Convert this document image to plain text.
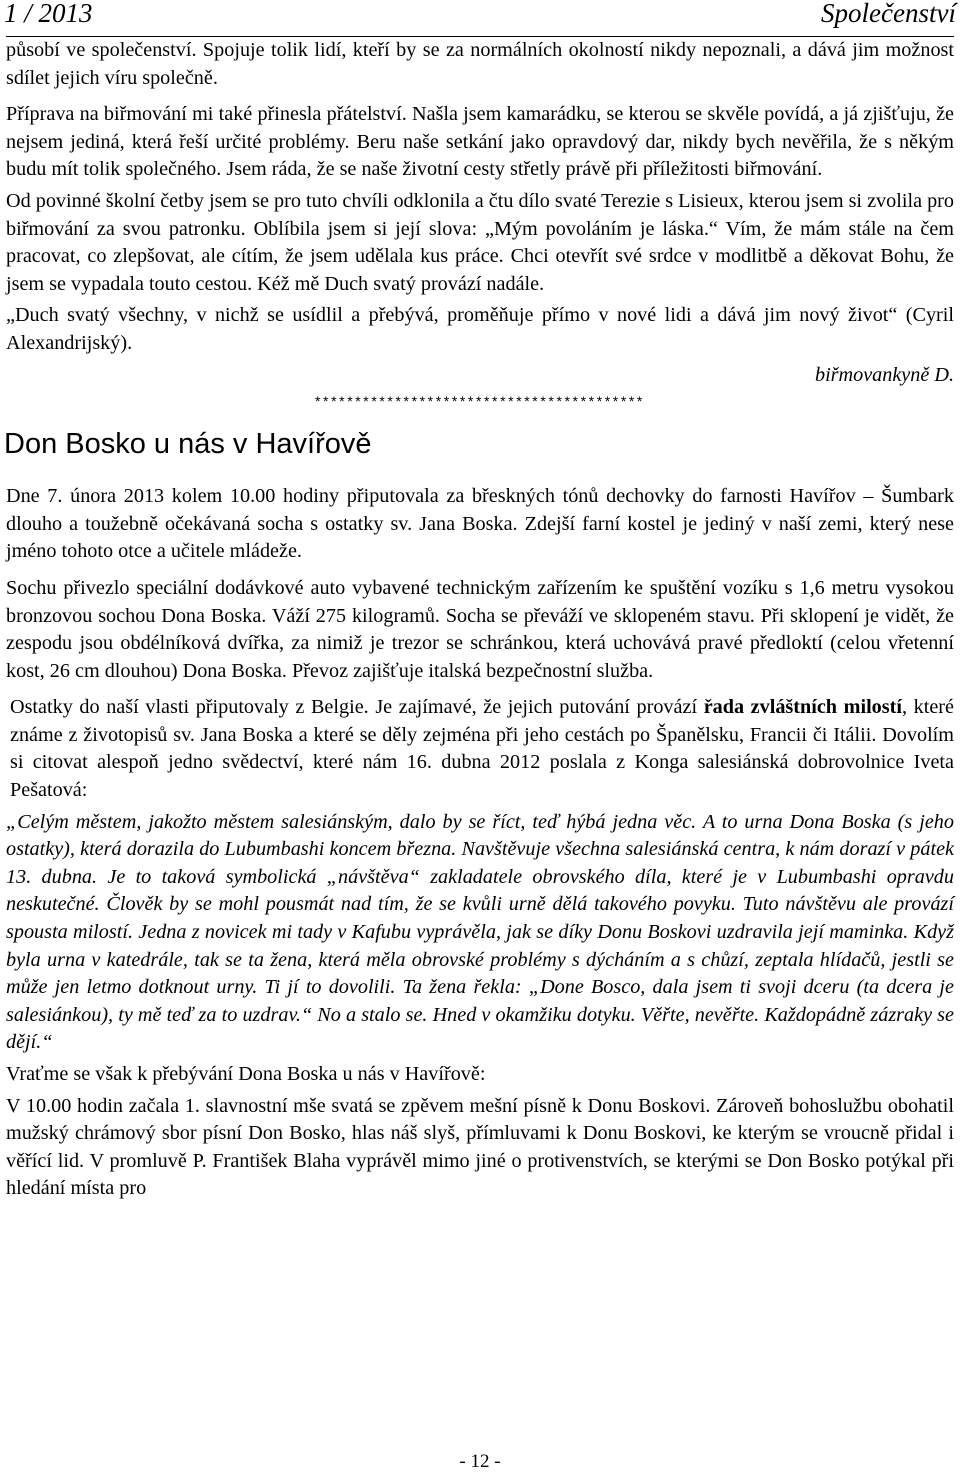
1 / 2013	Společenství

působí ve společenství. Spojuje tolik lidí, kteří by se za normálních okolností nikdy nepoznali, a dává jim možnost sdílet jejich víru společně.

Příprava na biřmování mi také přinesla přátelství. Našla jsem kamarádku, se kterou se skvěle povídá, a já zjišťuju, že nejsem jediná, která řeší určité problémy. Beru naše setkání jako opravdový dar, nikdy bych nevěřila, že s někým budu mít tolik společného. Jsem ráda, že se naše životní cesty střetly právě při příležitosti biřmování.

Od povinné školní četby jsem se pro tuto chvíli odklonila a čtu dílo svaté Terezie s Lisieux, kterou jsem si zvolila pro biřmování za svou patronku. Oblíbila jsem si její slova: „Mým povoláním je láska.“ Vím, že mám stále na čem pracovat, co zlepšovat, ale cítím, že jsem udělala kus práce. Chci otevřít své srdce v modlitbě a děkovat Bohu, že jsem se vypadala touto cestou. Kéž mě Duch svatý provází nadále.

„Duch svatý všechny, v nichž se usídlil a přebývá, proměňuje přímo v nové lidi a dává jim nový život“ (Cyril Alexandrijský).

biřmovankyně D.

*****************************************

Don Bosko u nás v Havířově

Dne 7. února 2013 kolem 10.00 hodiny připutovala za břeskných tónů dechovky do farnosti Havířov – Šumbark dlouho a toužebně očekávaná socha s ostatky sv. Jana Boska. Zdejší farní kostel je jediný v naší zemi, který nese jméno tohoto otce a učitele mládeže.

Sochu přivezlo speciální dodávkové auto vybavené technickým zařízením ke spuštění vozíku s 1,6 metru vysokou bronzovou sochou Dona Boska. Váží 275 kilogramů. Socha se převáží ve sklopeném stavu. Při sklopení je vidět, že zespodu jsou obdélníková dvířka, za nimiž je trezor se schránkou, která uchovává pravé předloktí (celou vřetenní kost, 26 cm dlouhou) Dona Boska. Převoz zajišťuje italská bezpečnostní služba.

Ostatky do naší vlasti připutovaly z Belgie. Je zajímavé, že jejich putování provází řada zvláštních milostí, které známe z životopisů sv. Jana Boska a které se děly zejména při jeho cestách po Španělsku, Francii či Itálii. Dovolím si citovat alespoň jedno svědectví, které nám 16. dubna 2012 poslala z Konga salesiánská dobrovolnice Iveta Pešatová:

„Celým městem, jakožto městem salesiánským, dalo by se říct, teď hýbá jedna věc. A to urna Dona Boska (s jeho ostatky), která dorazila do Lubumbashi koncem března. Navštěvuje všechna salesiánská centra, k nám dorazí v pátek 13. dubna. Je to taková symbolická „návštěva“ zakladatele obrovského díla, které je v Lubumbashi opravdu neskutečné. Člověk by se mohl pousmát nad tím, že se kvůli urně dělá takového povyku. Tuto návštěvu ale provází spousta milostí. Jedna z novicek mi tady v Kafubu vyprávěla, jak se díky Donu Boskovi uzdravila její maminka. Když byla urna v katedrále, tak se ta žena, která měla obrovské problémy s dýcháním a s chůzí, zeptala hlídačů, jestli se může jen letmo dotknout urny. Ti jí to dovolili. Ta žena řekla: „Done Bosco, dala jsem ti svoji dceru (ta dcera je salesiánkou), ty mě teď za to uzdrav.“ No a stalo se. Hned v okamžiku dotyku. Věřte, nevěřte. Každopádně zázraky se dějí.“

Vraťme se však k přebývání Dona Boska u nás v Havířově:

V 10.00 hodin začala 1. slavnostní mše svatá se zpěvem mešní písně k Donu Boskovi. Zároveň bohoslužbu obohatil mužský chrámový sbor písní Don Bosko, hlas náš slyš, přímluvami k Donu Boskovi, ke kterým se vroucně přidal i věřící lid. V promluvě P. František Blaha vyprávěl mimo jiné o protivenstvích, se kterými se Don Bosko potýkal při hledání místa pro

- 12 -
